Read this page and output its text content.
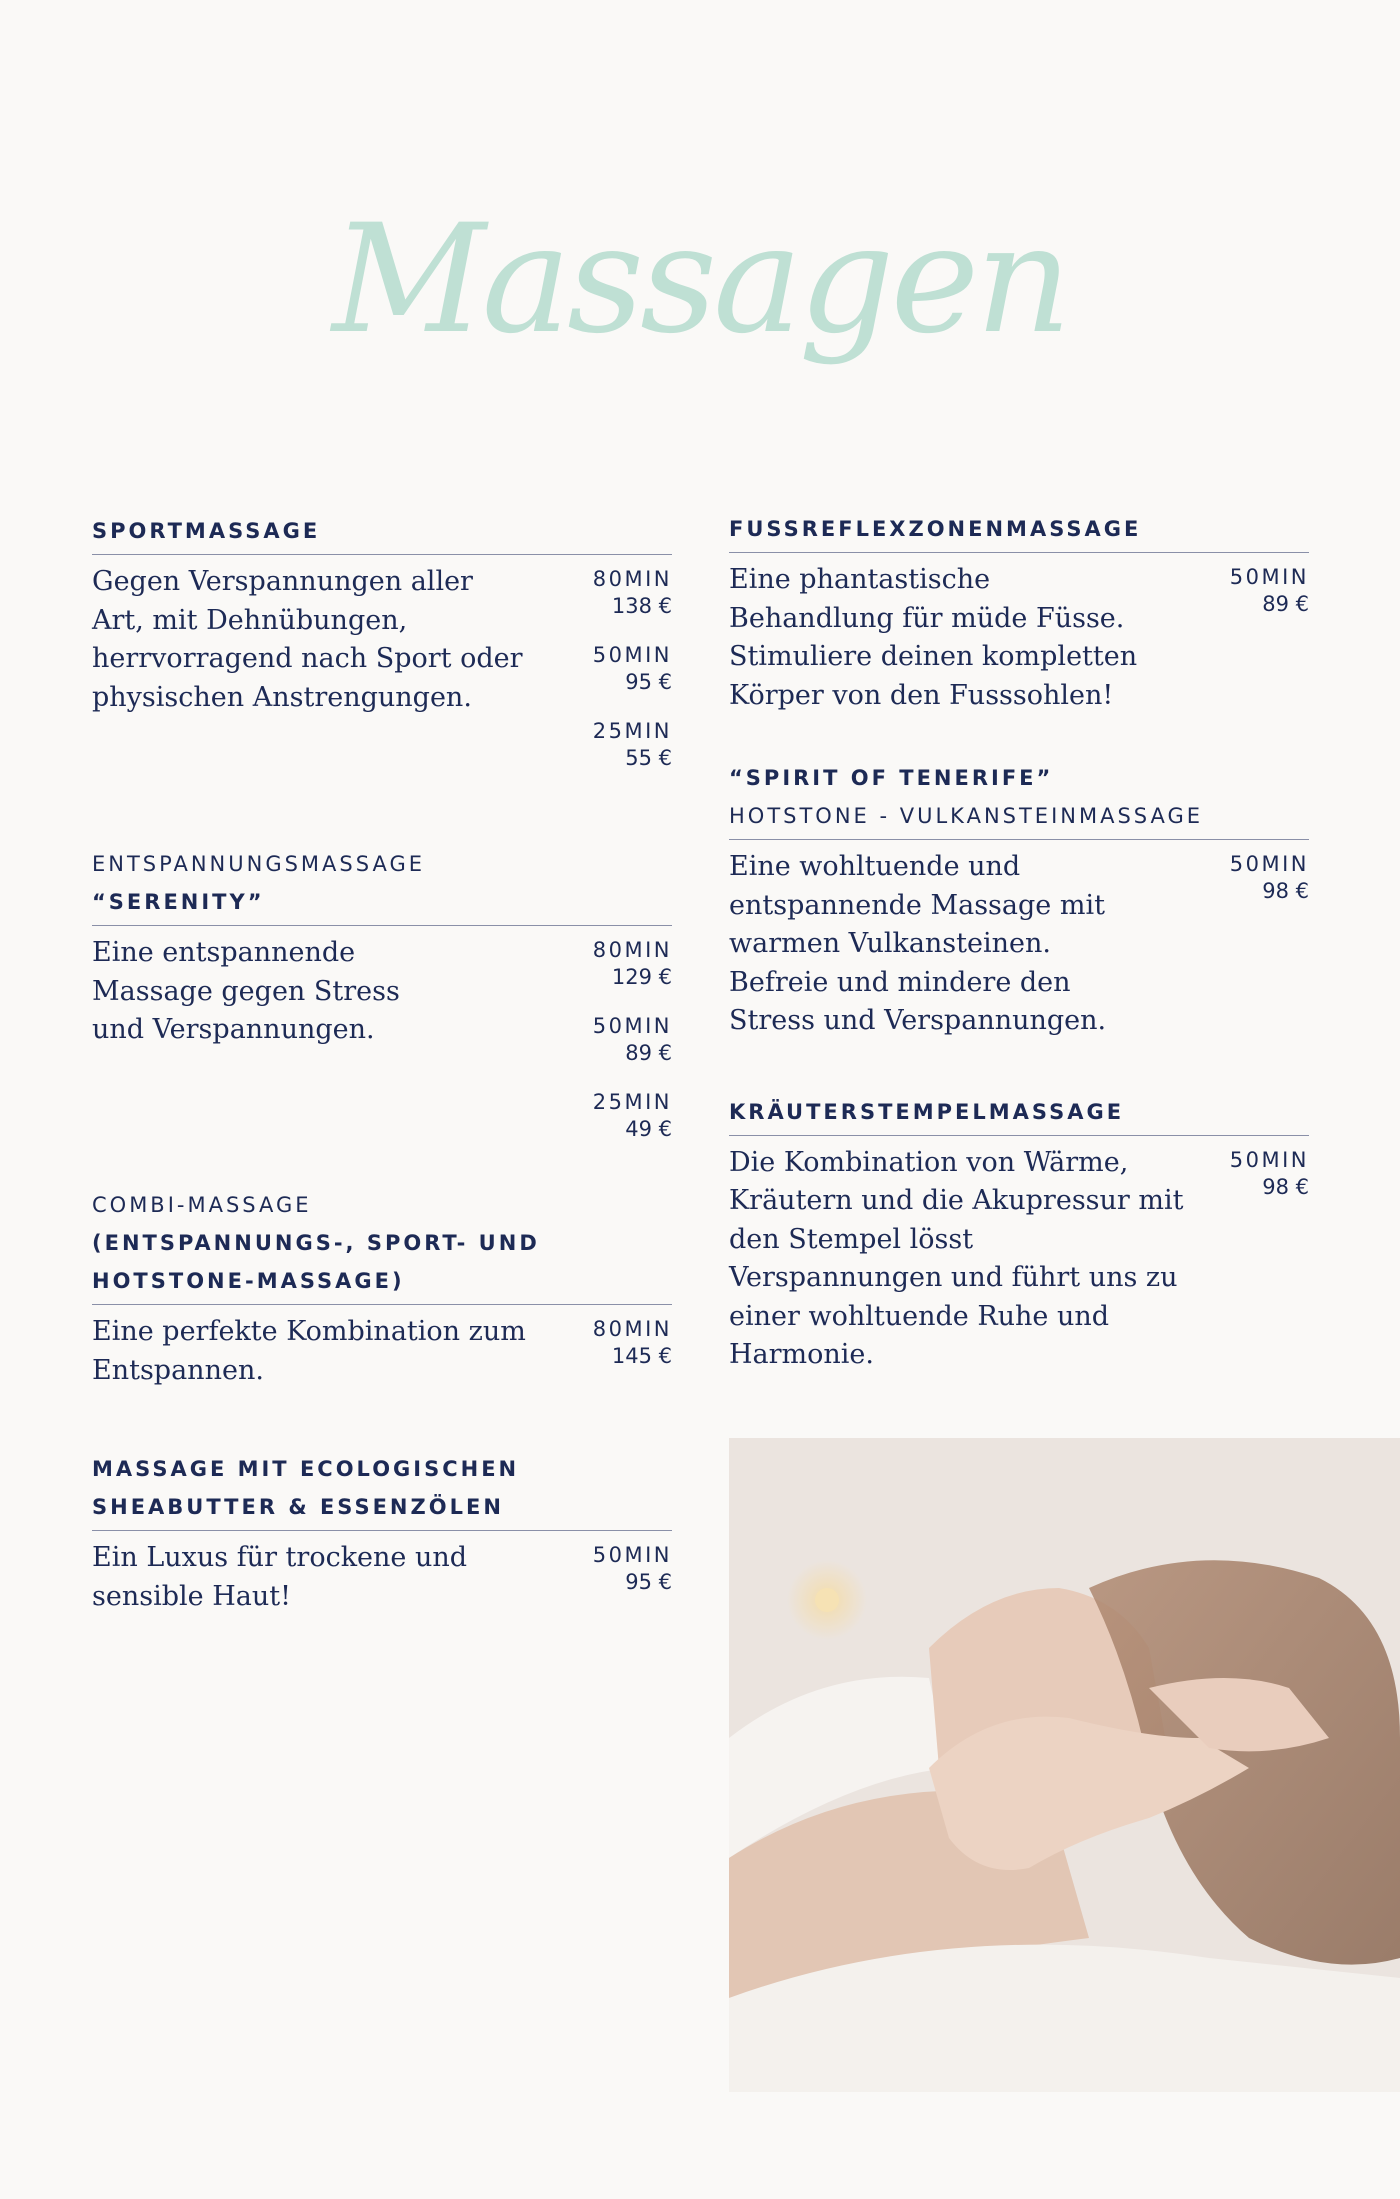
Massagen
SPORTMASSAGE

Gegen Verspannungen aller Art, mit Dehnübungen, herrvorragend nach Sport oder physischen Anstrengungen.

80MIN
138 €
50MIN
95 €
25MIN
55 €
ENTSPANNUNGSMASSAGE
“SERENITY”

Eine entspannende Massage gegen Stress und Verspannungen.

80MIN
129 €
50MIN
89 €
25MIN
49 €
COMBI-MASSAGE
(ENTSPANNUNGS-, SPORT- UND
HOTSTONE-MASSAGE)

Eine perfekte Kombination zum Entspannen.

80MIN
145 €
MASSAGE MIT ECOLOGISCHEN
SHEABUTTER & ESSENZÖLEN

Ein Luxus für trockene und sensible Haut!

50MIN
95 €
FUSSREFLEXZONENMASSAGE

Eine phantastische Behandlung für müde Füsse. Stimuliere deinen kompletten Körper von den Fusssohlen!

50MIN
89 €
“SPIRIT OF TENERIFE”
HOTSTONE - VULKANSTEINMASSAGE

Eine wohltuende und entspannende Massage mit warmen Vulkansteinen. Befreie und mindere den Stress und Verspannungen.

50MIN
98 €
KRÄUTERSTEMPELMASSAGE

Die Kombination von Wärme, Kräutern und die Akupressur mit den Stempel lösst Verspannungen und führt uns zu einer wohltuende Ruhe und Harmonie.

50MIN
98 €
